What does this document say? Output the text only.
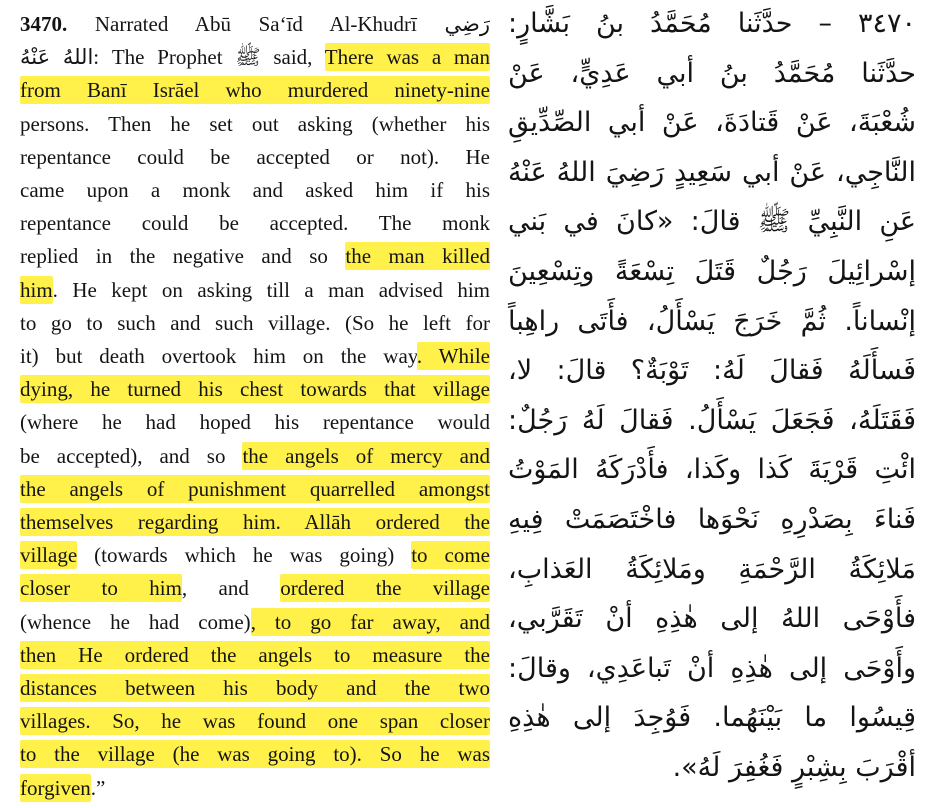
3470. Narrated Abū Sa‘īd Al-Khudrī رَضِي
اللهُ عَنْهُ: The Prophet ﷺ said, There was a man
from Banī Isrāel who murdered ninety-nine
persons. Then he set out asking (whether his
repentance could be accepted or not). He
came upon a monk and asked him if his
repentance could be accepted. The monk
replied in the negative and so the man killed
him. He kept on asking till a man advised him
to go to such and such village. (So he left for
it) but death overtook him on the way. While
dying, he turned his chest towards that village
(where he had hoped his repentance would
be accepted), and so the angels of mercy and
the angels of punishment quarrelled amongst
themselves regarding him. Allāh ordered the
village (towards which he was going) to come
closer to him, and ordered the village
(whence he had come), to go far away, and
then He ordered the angels to measure the
distances between his body and the two
villages. So, he was found one span closer
to the village (he was going to). So he was
forgiven.”
٣٤٧٠ – حدَّثَنا مُحَمَّدُ بنُ بَشَّارٍ:
حدَّثَنا مُحَمَّدُ بنُ أبي عَدِيٍّ، عَنْ
شُعْبَةَ، عَنْ قَتادَةَ، عَنْ أبي الصِّدِّيقِ
النَّاجِي، عَنْ أبي سَعِيدٍ رَضِيَ اللهُ عَنْهُ
عَنِ النَّبِيِّ ﷺ قالَ: «كانَ في بَني
إسْرائِيلَ رَجُلٌ قَتَلَ تِسْعَةً وتِسْعِينَ
إنْساناً. ثُمَّ خَرَجَ يَسْأَلُ، فأَتَى راهِباً
فَسأَلَهُ فَقالَ لَهُ: تَوْبَةٌ؟ قالَ: لا،
فَقَتَلَهُ، فَجَعَلَ يَسْأَلُ. فَقالَ لَهُ رَجُلٌ:
ائْتِ قَرْيَةَ كَذا وكَذا، فأَدْرَكَهُ المَوْتُ
فَناءَ بِصَدْرِهِ نَحْوَها فاخْتَصَمَتْ فِيهِ
مَلائِكَةُ الرَّحْمَةِ ومَلائِكَةُ العَذابِ،
فأَوْحَى اللهُ إلى هٰذِهِ أنْ تَقَرَّبي،
وأَوْحَى إلى هٰذِهِ أنْ تَباعَدِي، وقالَ:
قِيسُوا ما بَيْنَهُما. فَوُجِدَ إلى هٰذِهِ
أقْرَبَ بِشِبْرٍ فَغُفِرَ لَهُ».
